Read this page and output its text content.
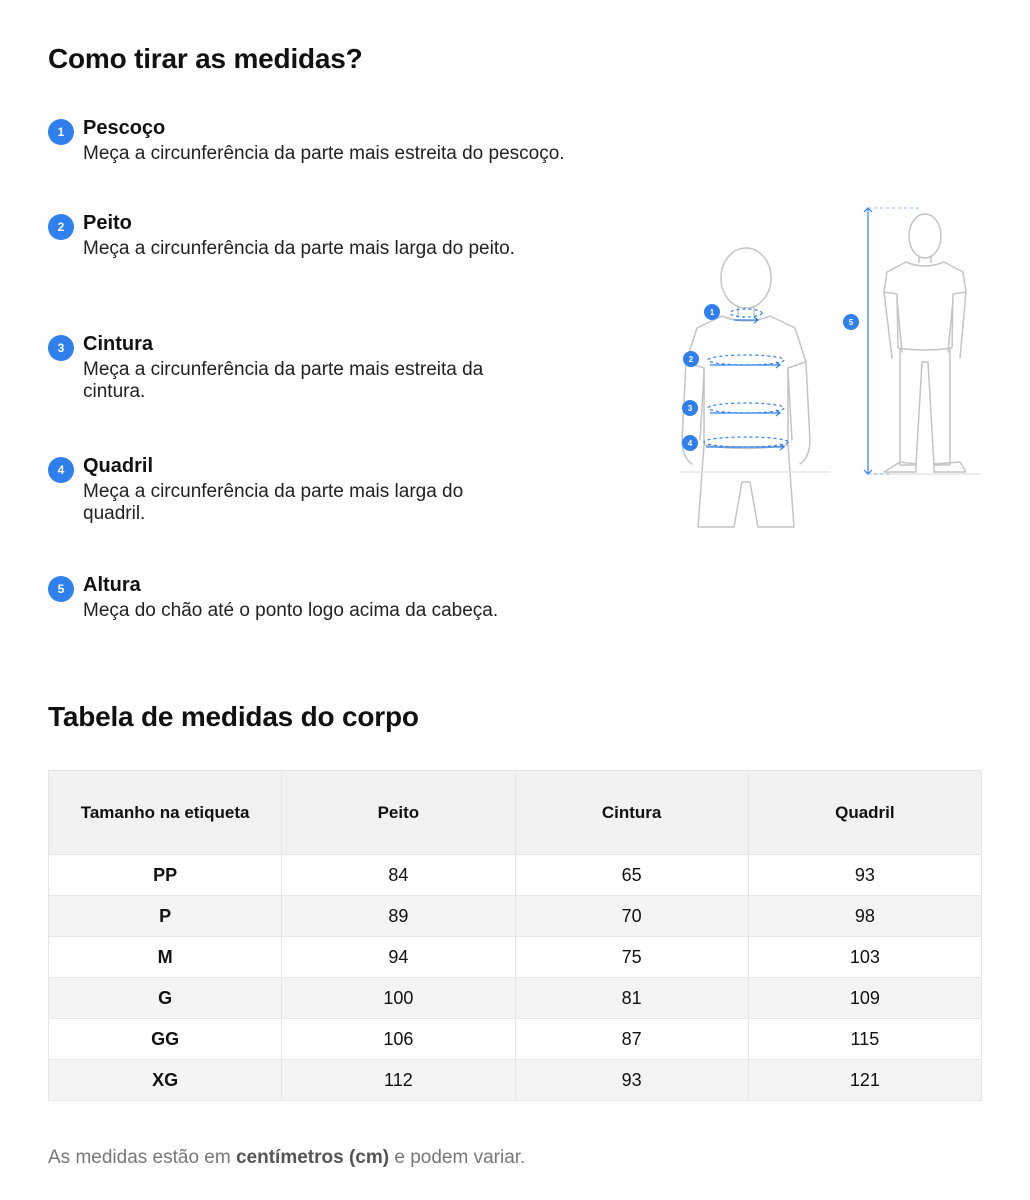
Como tirar as medidas?
1 Pescoço
Meça a circunferência da parte mais estreita do pescoço.
2 Peito
Meça a circunferência da parte mais larga do peito.
3 Cintura
Meça a circunferência da parte mais estreita da cintura.
4 Quadril
Meça a circunferência da parte mais larga do quadril.
5 Altura
Meça do chão até o ponto logo acima da cabeça.
1
2
3
4
5
Tabela de medidas do corpo
Tamanho na etiqueta	Peito	Cintura	Quadril
PP	84	65	93
P	89	70	98
M	94	75	103
G	100	81	109
GG	106	87	115
XG	112	93	121

As medidas estão em centímetros (cm) e podem variar.
